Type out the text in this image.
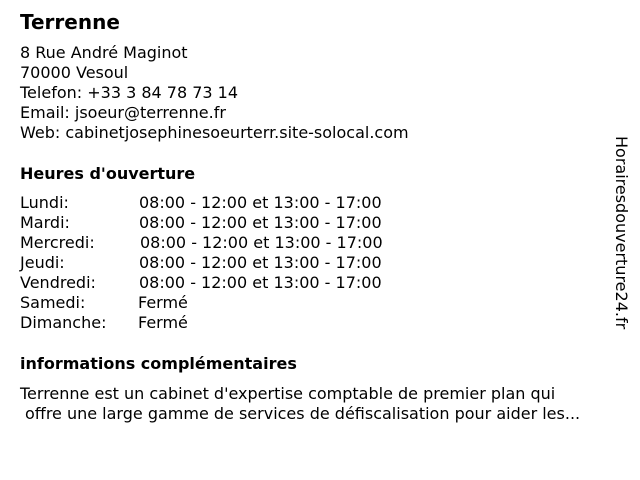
Terrenne
8 Rue André Maginot
70000 Vesoul
Telefon: +33 3 84 78 73 14
Email: jsoeur@terrenne.fr
Web: cabinetjosephinesoeurterr.site-solocal.com
Heures d'ouverture
Lundi:	08:00 - 12:00 et 13:00 - 17:00
Mardi:	08:00 - 12:00 et 13:00 - 17:00
Mercredi:	08:00 - 12:00 et 13:00 - 17:00
Jeudi:	08:00 - 12:00 et 13:00 - 17:00
Vendredi:	08:00 - 12:00 et 13:00 - 17:00
Samedi:	Fermé
Dimanche: Fermé
informations complémentaires
Terrenne est un cabinet d'expertise comptable de premier plan qui
offre une large gamme de services de défiscalisation pour aider les...
Horairesdouverture24.fr
